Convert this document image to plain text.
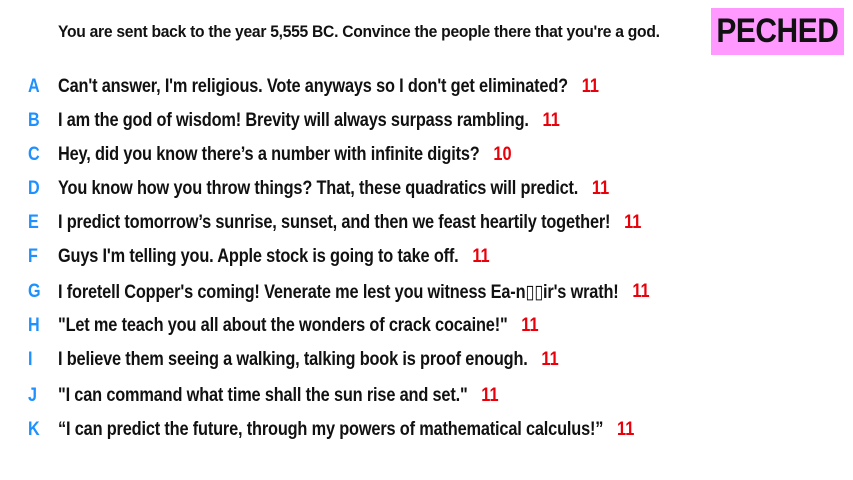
You are sent back to the year 5,555 BC. Convince the people there that you're a god. PECHED
A Can't answer, I'm religious. Vote anyways so I don't get eliminated? 11
B I am the god of wisdom! Brevity will always surpass rambling. 11
C Hey, did you know there’s a number with infinite digits? 10
D You know how you throw things? That, these quadratics will predict. 11
E	I predict tomorrow’s sunrise, sunset, and then we feast heartily together! 11
F	Guys I'm telling you. Apple stock is going to take off. 11
G I foretell Copper's coming! Venerate me lest you witness Ea-n▯▯ir's wrath! 11
H "Let me teach you all about the wonders of crack cocaine!" 11
I	I believe them seeing a walking, talking book is proof enough. 11
J	"I can command what time shall the sun rise and set." 11
K “I can predict the future, through my powers of mathematical calculus!” 11
